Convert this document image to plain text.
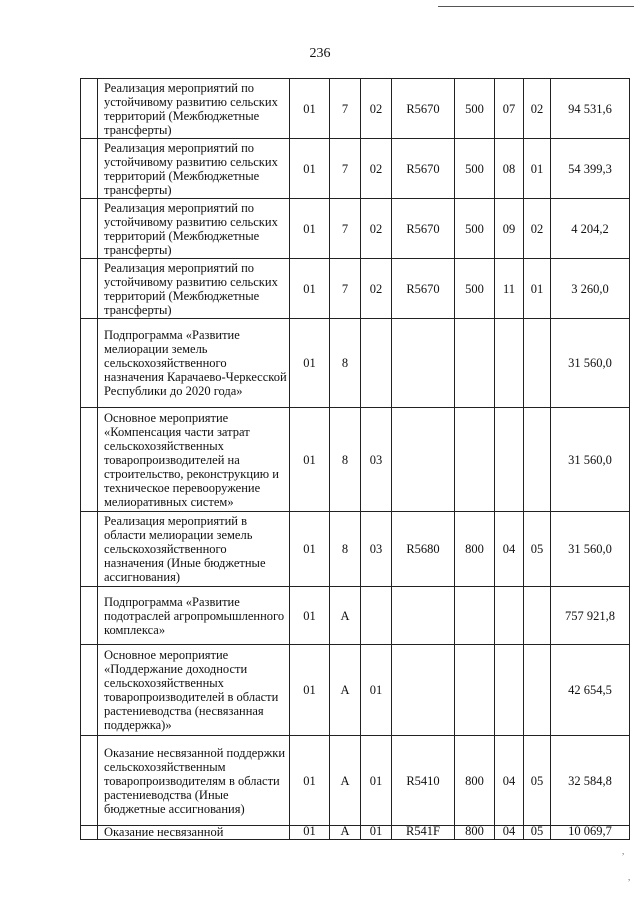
236
	Реализация мероприятий по устойчивому развитию сельских территорий (Межбюджетные трансферты)	01	7	02	R5670	500	07	02	94 531,6
	Реализация мероприятий по устойчивому развитию сельских территорий (Межбюджетные трансферты)	01	7	02	R5670	500	08	01	54 399,3
	Реализация мероприятий по устойчивому развитию сельских территорий (Межбюджетные трансферты)	01	7	02	R5670	500	09	02	4 204,2
	Реализация мероприятий по устойчивому развитию сельских территорий (Межбюджетные трансферты)	01	7	02	R5670	500	11	01	3 260,0
	Подпрограмма «Развитие мелиорации земель сельскохозяйственного назначения Карачаево-Черкесской Республики до 2020 года»	01	8						31 560,0
	Основное мероприятие «Компенсация части затрат сельскохозяйственных товаропроизводителей на строительство, реконструкцию и техническое перевооружение мелиоративных систем»	01	8	03					31 560,0
	Реализация мероприятий в области мелиорации земель сельскохозяйственного назначения (Иные бюджетные ассигнования)	01	8	03	R5680	800	04	05	31 560,0
	Подпрограмма «Развитие подотраслей агропромышленного комплекса»	01	А						757 921,8
	Основное мероприятие «Поддержание доходности сельскохозяйственных товаропроизводителей в области растениеводства (несвязанная поддержка)»	01	А	01					42 654,5
	Оказание несвязанной поддержки сельскохозяйственным товаропроизводителям в области растениеводства (Иные бюджетные ассигнования)	01	А	01	R5410	800	04	05	32 584,8
	Оказание несвязанной	01	А	01	R541F	800	04	05	10 069,7
,
,
